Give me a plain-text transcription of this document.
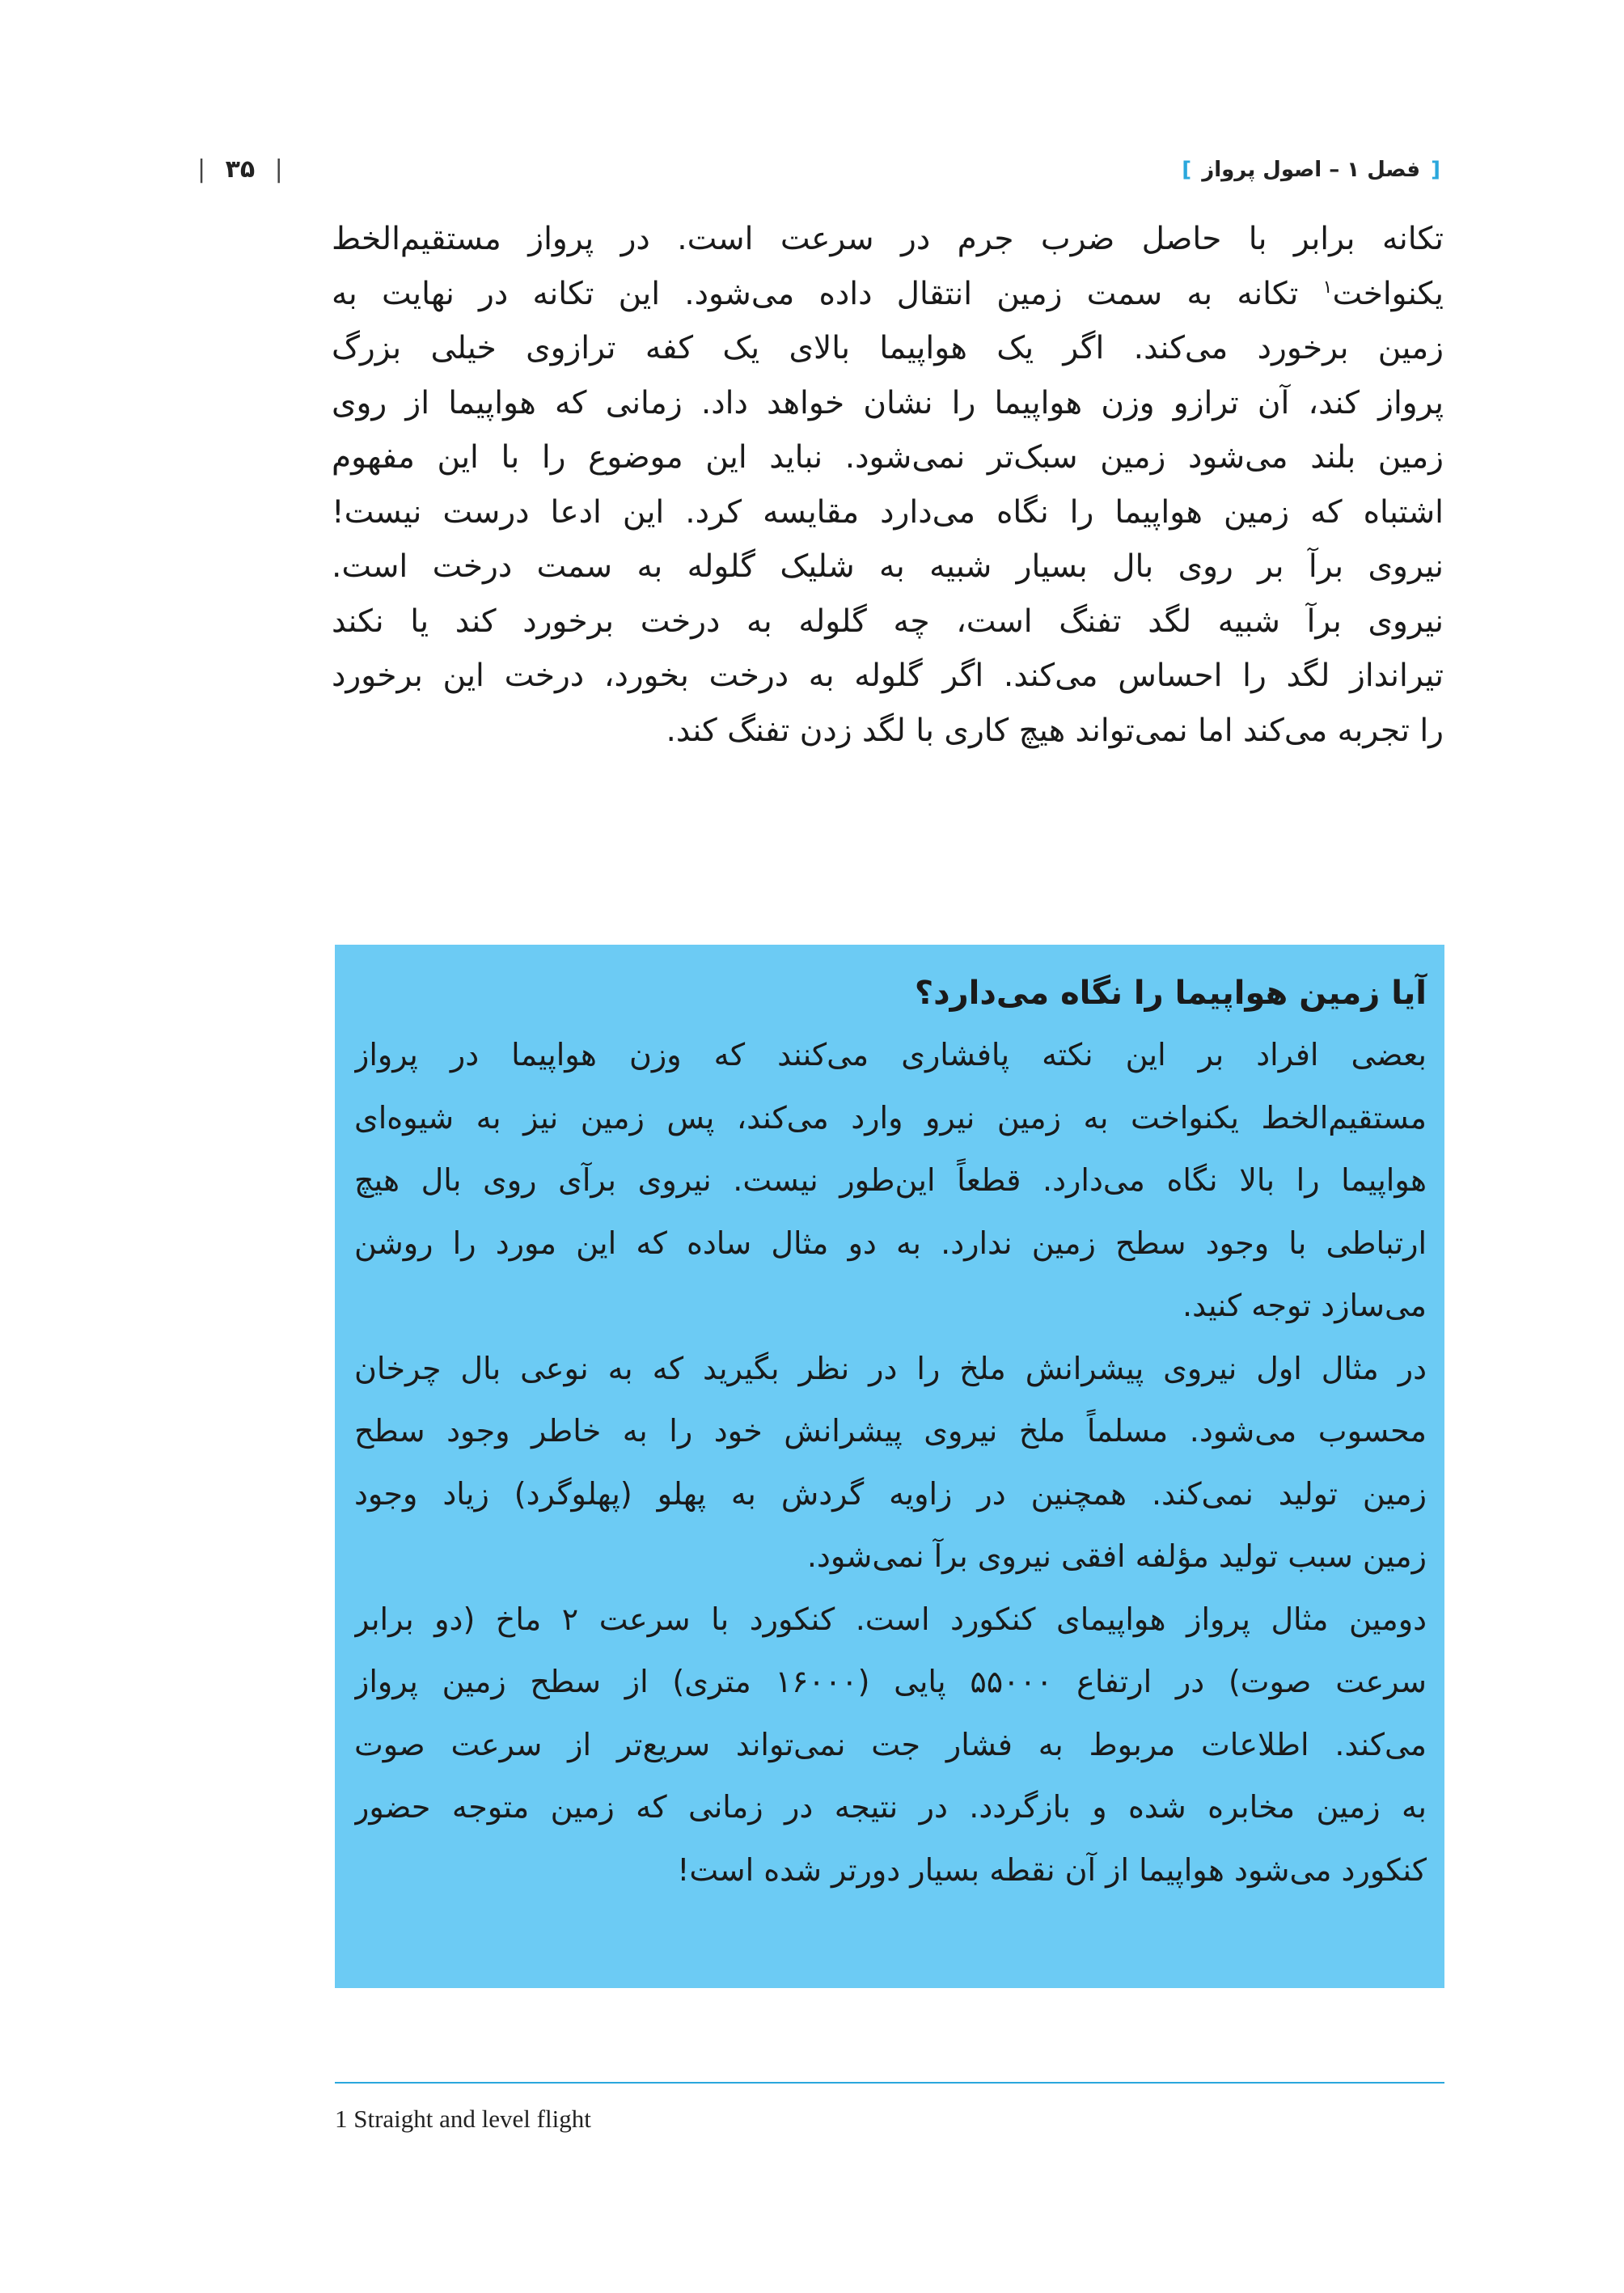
[ فصل ۱ – اصول پرواز ]
| ۳۵ |
تکانه برابر با حاصل ضرب جرم در سرعت است. در پرواز مستقیم‌الخط
یکنواخت$^۱$ تکانه به سمت زمین انتقال داده می‌شود. این تکانه در نهایت به
زمین برخورد می‌کند. اگر یک هواپیما بالای یک کفه ترازوی خیلی بزرگ
پرواز کند، آن ترازو وزن هواپیما را نشان خواهد داد. زمانی که هواپیما از روی
زمین بلند می‌شود زمین سبک‌تر نمی‌شود. نباید این موضوع را با این مفهوم
اشتباه که زمین هواپیما را نگاه می‌دارد مقایسه کرد. این ادعا درست نیست!
نیروی برآ بر روی بال بسیار شبیه به شلیک گلوله به سمت درخت است.
نیروی برآ شبیه لگد تفنگ است، چه گلوله به درخت برخورد کند یا نکند
تیرانداز لگد را احساس می‌کند. اگر گلوله به درخت بخورد، درخت این برخورد
را تجربه می‌کند اما نمی‌تواند هیچ کاری با لگد زدن تفنگ کند.
آیا زمین هواپیما را نگاه می‌دارد؟
بعضی افراد بر این نکته پافشاری می‌کنند که وزن هواپیما در پرواز
مستقیم‌الخط یکنواخت به زمین نیرو وارد می‌کند، پس زمین نیز به شیوه‌ای
هواپیما را بالا نگاه می‌دارد. قطعاً این‌طور نیست. نیروی برآی روی بال هیچ
ارتباطی با وجود سطح زمین ندارد. به دو مثال ساده که این مورد را روشن
می‌سازد توجه کنید.
در مثال اول نیروی پیشرانش ملخ را در نظر بگیرید که به نوعی بال چرخان
محسوب می‌شود. مسلماً ملخ نیروی پیشرانش خود را به خاطر وجود سطح
زمین تولید نمی‌کند. همچنین در زاویه گردش به پهلو (پهلوگرد) زیاد وجود
زمین سبب تولید مؤلفه افقی نیروی برآ نمی‌شود.
دومین مثال پرواز هواپیمای کنکورد است. کنکورد با سرعت ۲ ماخ (دو برابر
سرعت صوت) در ارتفاع ۵۵۰۰۰ پایی (۱۶۰۰۰ متری) از سطح زمین پرواز
می‌کند. اطلاعات مربوط به فشار جت نمی‌تواند سریع‌تر از سرعت صوت
به زمین مخابره شده و بازگردد. در نتیجه در زمانی که زمین متوجه حضور
کنکورد می‌شود هواپیما از آن نقطه بسیار دورتر شده است!
1 Straight and level flight
